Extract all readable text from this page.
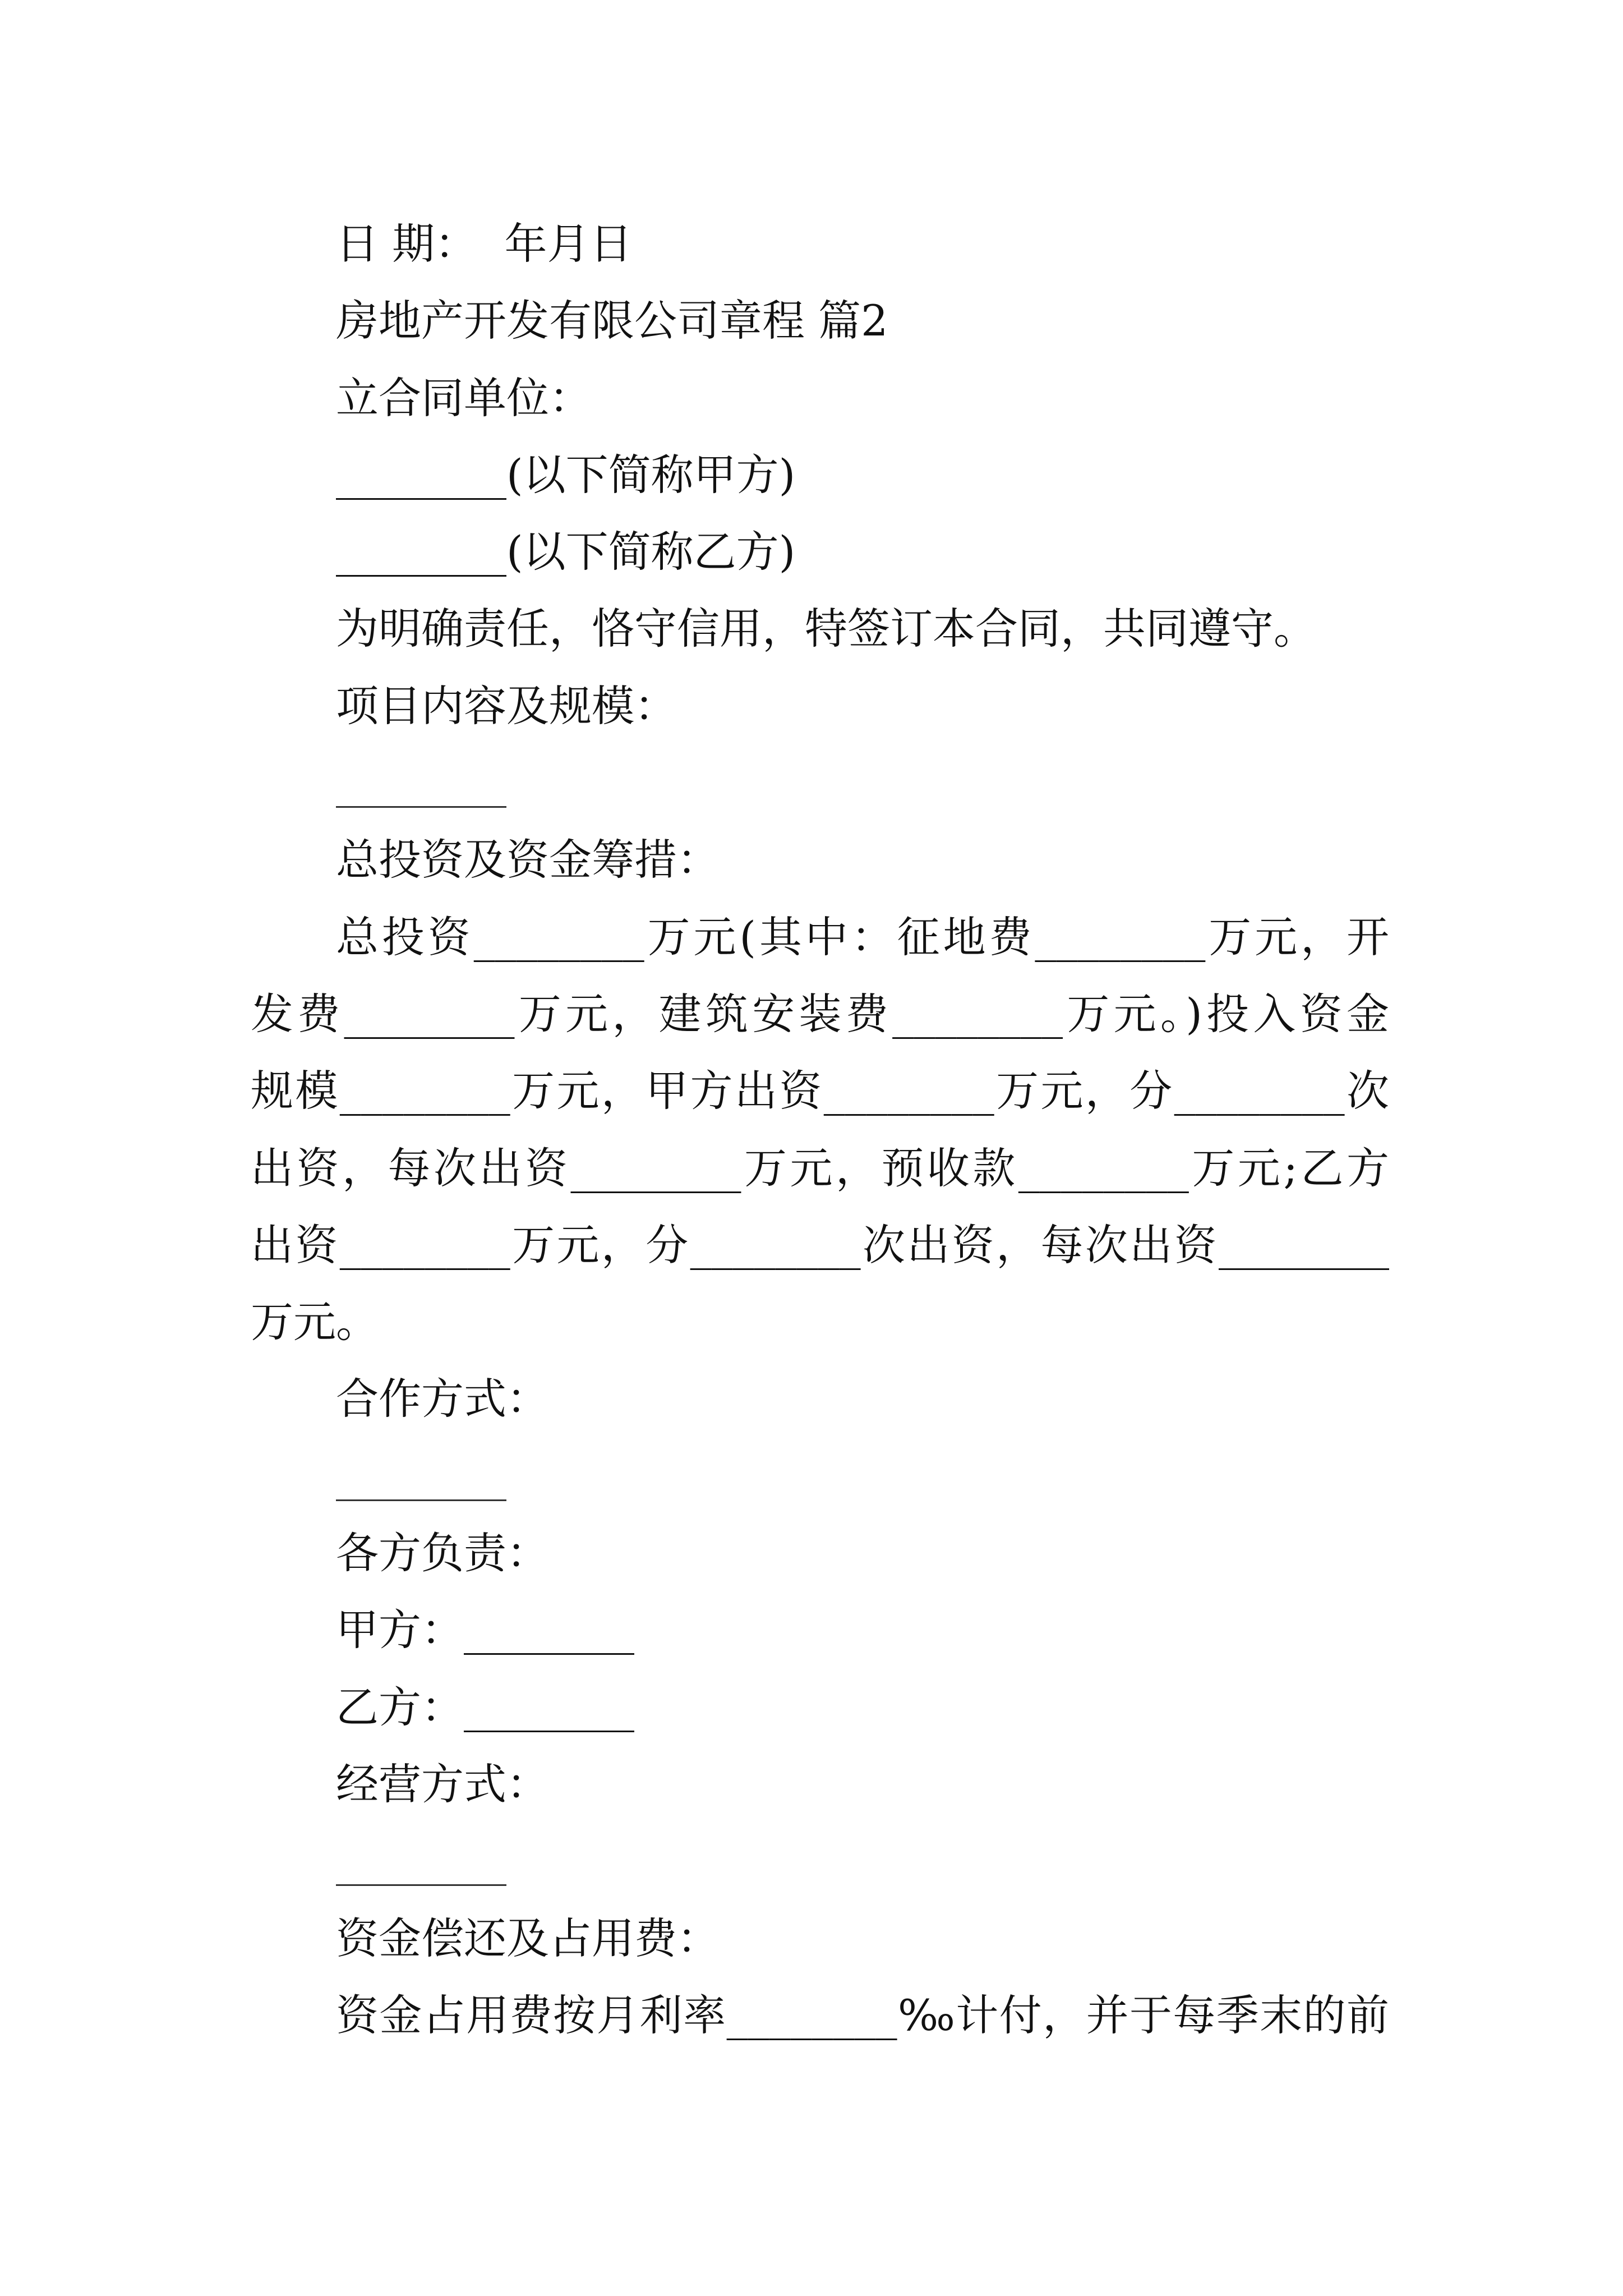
日 期：  年月日
房地产开发有限公司章程 篇2
立合同单位：
________(以下简称甲方)
________(以下简称乙方)
为明确责任，恪守信用，特签订本合同，共同遵守。
项目内容及规模：
________
总投资及资金筹措：
总投资________万元(其中：征地费________万元，开
发费________万元，建筑安装费________万元。)投入资金
规模________万元，甲方出资________万元，分________次
出资，每次出资________万元，预收款________万元;乙方
出资________万元，分________次出资，每次出资________
万元。
合作方式：
________
各方负责：
甲方：________
乙方：________
经营方式：
________
资金偿还及占用费：
资金占用费按月利率________‰计付，并于每季末的前
